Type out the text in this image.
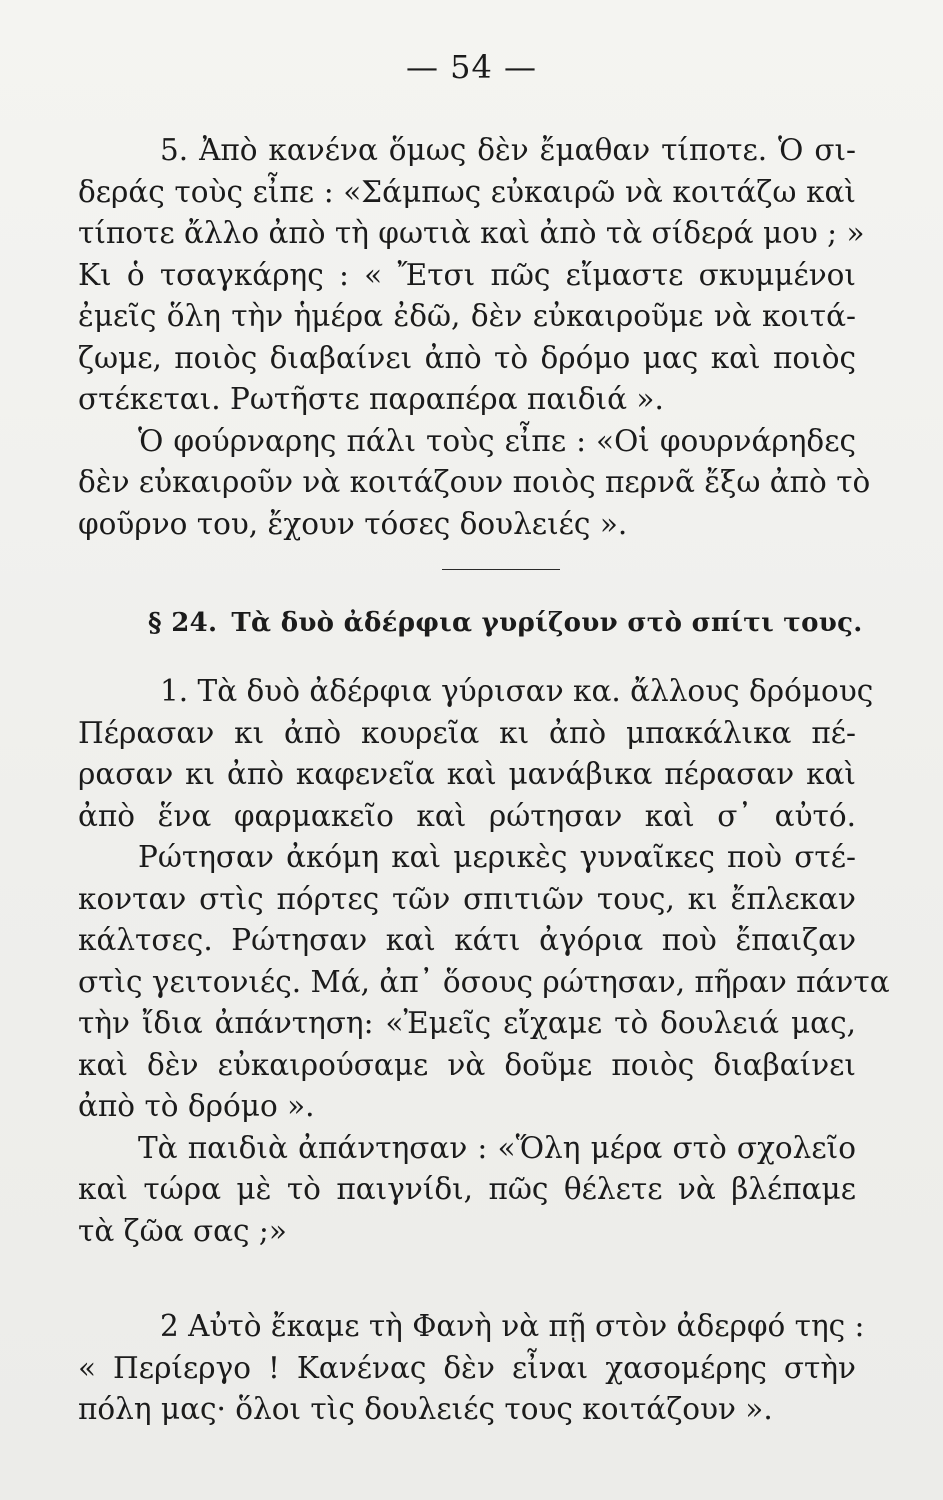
— 54 —
5. Ἀπὸ κανένα ὅμως δὲν ἔμαθαν τίποτε. Ὁ σι-
δεράς τοὺς εἶπε : «Σάμπως εὐκαιρῶ νὰ κοιτάζω καὶ
τίποτε ἄλλο ἀπὸ τὴ φωτιὰ καὶ ἀπὸ τὰ σίδερά μου ; »
Κι ὁ τσαγκάρης : « Ἔτσι πῶς εἴμαστε σκυμμένοι
ἐμεῖς ὅλη τὴν ἡμέρα ἐδῶ, δὲν εὐκαιροῦμε νὰ κοιτά-
ζωμε, ποιὸς διαβαίνει ἀπὸ τὸ δρόμο μας καὶ ποιὸς
στέκεται. Ρωτῆστε παραπέρα παιδιά ».
Ὁ φούρναρης πάλι τοὺς εἶπε : «Οἱ φουρνάρηδες
δὲν εὐκαιροῦν νὰ κοιτάζουν ποιὸς περνᾶ ἔξω ἀπὸ τὸ
φοῦρνο του, ἔχουν τόσες δουλειές ».
§ 24. Τὰ δυὸ ἀδέρφια γυρίζουν στὸ σπίτι τους.
1. Τὰ δυὸ ἀδέρφια γύρισαν κα. ἄλλους δρόμους
Πέρασαν κι ἀπὸ κουρεῖα κι ἀπὸ μπακάλικα πέ-
ρασαν κι ἀπὸ καφενεῖα καὶ μανάβικα πέρασαν καὶ
ἀπὸ ἕνα φαρμακεῖο καὶ ρώτησαν καὶ σ᾽ αὐτό.
Ρώτησαν ἀκόμη καὶ μερικὲς γυναῖκες ποὺ στέ-
κονταν στὶς πόρτες τῶν σπιτιῶν τους, κι ἔπλεκαν
κάλτσες. Ρώτησαν καὶ κάτι ἀγόρια ποὺ ἔπαιζαν
στὶς γειτονιές. Μά, ἀπ᾽ ὅσους ρώτησαν, πῆραν πάντα
τὴν ἴδια ἀπάντηση: «Ἐμεῖς εἴχαμε τὸ δουλειά μας,
καὶ δὲν εὐκαιρούσαμε νὰ δοῦμε ποιὸς διαβαίνει
ἀπὸ τὸ δρόμο ».
Τὰ παιδιὰ ἀπάντησαν : «Ὅλη μέρα στὸ σχολεῖο
καὶ τώρα μὲ τὸ παιγνίδι, πῶς θέλετε νὰ βλέπαμε
τὰ ζῶα σας ;»
2 Αὐτὸ ἔκαμε τὴ Φανὴ νὰ πῇ στὸν ἀδερφό της :
« Περίεργο ! Κανένας δὲν εἶναι χασομέρης στὴν
πόλη μας· ὅλοι τὶς δουλειές τους κοιτάζουν ».
